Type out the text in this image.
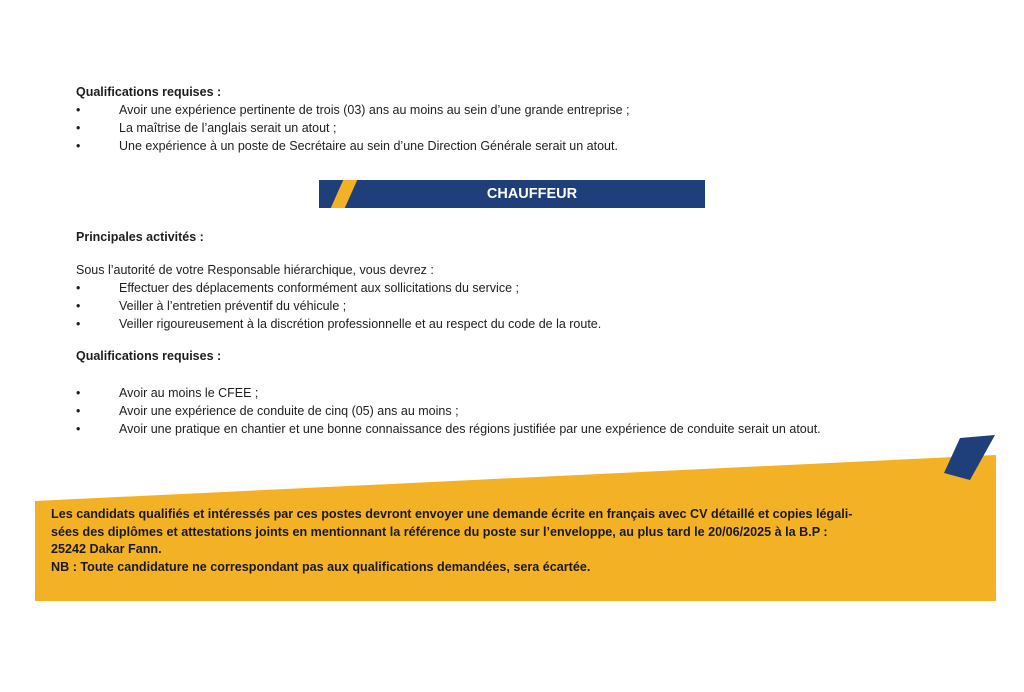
Qualifications requises :
•	Avoir une expérience pertinente de trois (03) ans au moins au sein d’une grande entreprise ;
•	La maîtrise de l’anglais serait un atout ;
•	Une expérience à un poste de Secrétaire au sein d’une Direction Générale serait un atout.
CHAUFFEUR
Principales activités :

Sous l’autorité de votre Responsable hiérarchique, vous devrez :

•	Effectuer des déplacements conformément aux sollicitations du service ;
•	Veiller à l’entretien préventif du véhicule ;
•	Veiller rigoureusement à la discrétion professionnelle et au respect du code de la route.
Qualifications requises :
•	Avoir au moins le CFEE ;
•	Avoir une expérience de conduite de cinq (05) ans au moins ;
•	Avoir une pratique en chantier et une bonne connaissance des régions justifiée par une expérience de conduite serait un atout.
Les candidats qualifiés et intéressés par ces postes devront envoyer une demande écrite en français avec CV détaillé et copies légali-
sées des diplômes et attestations joints en mentionnant la référence du poste sur l’enveloppe, au plus tard le 20/06/2025 à la B.P :
25242 Dakar Fann.
NB : Toute candidature ne correspondant pas aux qualifications demandées, sera écartée.
